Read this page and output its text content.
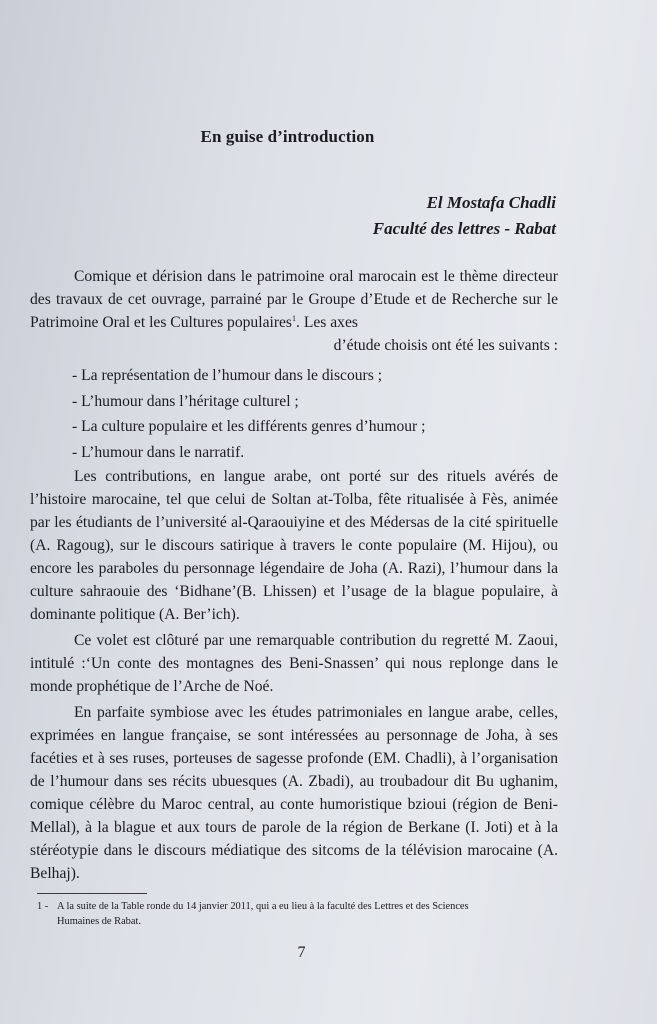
En guise d’introduction
El Mostafa Chadli
Faculté des lettres - Rabat

Comique et dérision dans le patrimoine oral marocain est le thème directeur des travaux de cet ouvrage, parrainé par le Groupe d’Etude et de Recherche sur le Patrimoine Oral et les Cultures populaires$^1$. Les axes

d’étude choisis ont été les suivants :
- La représentation de l’humour dans le discours ;
- L’humour dans l’héritage culturel ;
- La culture populaire et les différents genres d’humour ;
- L’humour dans le narratif.

Les contributions, en langue arabe, ont porté sur des rituels avérés de l’histoire marocaine, tel que celui de Soltan at-Tolba, fête ritualisée à Fès, animée par les étudiants de l’université al-Qaraouiyine et des Médersas de la cité spirituelle (A. Ragoug), sur le discours satirique à travers le conte populaire (M. Hijou), ou encore les paraboles du personnage légendaire de Joha (A. Razi), l’humour dans la culture sahraouie des ‘Bidhane’(B. Lhissen) et l’usage de la blague populaire, à dominante politique (A. Ber’ich).

Ce volet est clôturé par une remarquable contribution du regretté M. Zaoui, intitulé :‘Un conte des montagnes des Beni-Snassen’ qui nous replonge dans le monde prophétique de l’Arche de Noé.

En parfaite symbiose avec les études patrimoniales en langue arabe, celles, exprimées en langue française, se sont intéressées au personnage de Joha, à ses facéties et à ses ruses, porteuses de sagesse profonde (EM. Chadli), à l’organisation de l’humour dans ses récits ubuesques (A. Zbadi), au troubadour dit Bu ughanim, comique célèbre du Maroc central, au conte humoristique bzioui (région de Beni-Mellal), à la blague et aux tours de parole de la région de Berkane (I. Joti) et à la stéréotypie dans le discours médiatique des sitcoms de la télévision marocaine (A. Belhaj).

1 - A la suite de la Table ronde du 14 janvier 2011, qui a eu lieu à la faculté des Lettres et des Sciences
Humaines de Rabat.
7
